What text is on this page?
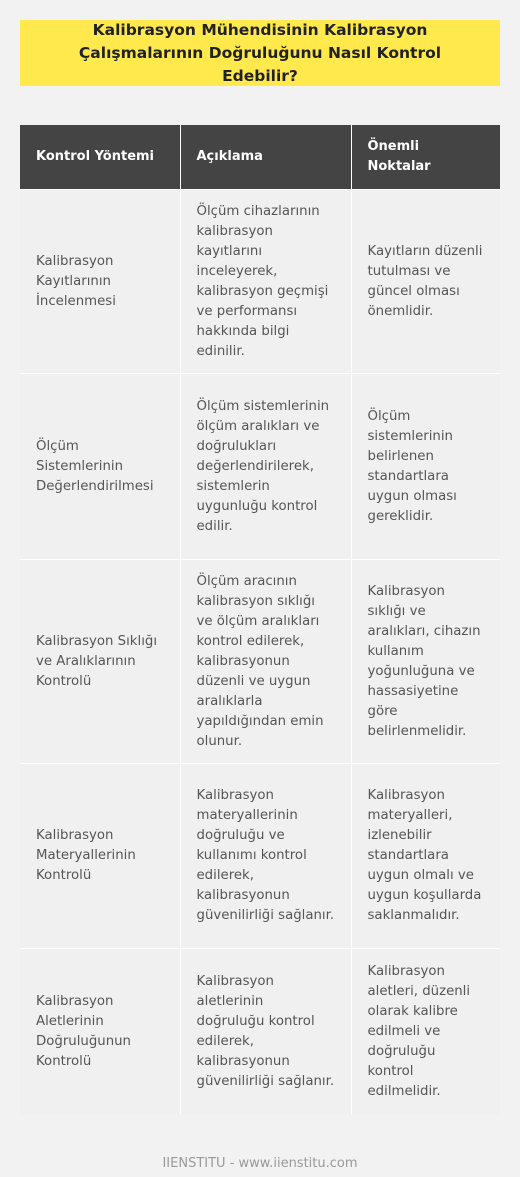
Kalibrasyon Mühendisinin Kalibrasyon Çalışmalarının Doğruluğunu Nasıl Kontrol Edebilir?
Kontrol Yöntemi	Açıklama	Önemli Noktalar
Kalibrasyon Kayıtlarının İncelenmesi	Ölçüm cihazlarının kalibrasyon kayıtlarını inceleyerek, kalibrasyon geçmişi ve performansı hakkında bilgi edinilir.	Kayıtların düzenli tutulması ve güncel olması önemlidir.
Ölçüm Sistemlerinin Değerlendirilmesi	Ölçüm sistemlerinin ölçüm aralıkları ve doğrulukları değerlendirilerek, sistemlerin uygunluğu kontrol edilir.	Ölçüm sistemlerinin belirlenen standartlara uygun olması gereklidir.
Kalibrasyon Sıklığı ve Aralıklarının Kontrolü	Ölçüm aracının kalibrasyon sıklığı ve ölçüm aralıkları kontrol edilerek, kalibrasyonun düzenli ve uygun aralıklarla yapıldığından emin olunur.	Kalibrasyon sıklığı ve aralıkları, cihazın kullanım yoğunluğuna ve hassasiyetine göre belirlenmelidir.
Kalibrasyon Materyallerinin Kontrolü	Kalibrasyon materyallerinin doğruluğu ve kullanımı kontrol edilerek, kalibrasyonun güvenilirliği sağlanır.	Kalibrasyon materyalleri, izlenebilir standartlara uygun olmalı ve uygun koşullarda saklanmalıdır.
Kalibrasyon Aletlerinin Doğruluğunun Kontrolü	Kalibrasyon aletlerinin doğruluğu kontrol edilerek, kalibrasyonun güvenilirliği sağlanır.	Kalibrasyon aletleri, düzenli olarak kalibre edilmeli ve doğruluğu kontrol edilmelidir.
IIENSTITU - www.iienstitu.com
